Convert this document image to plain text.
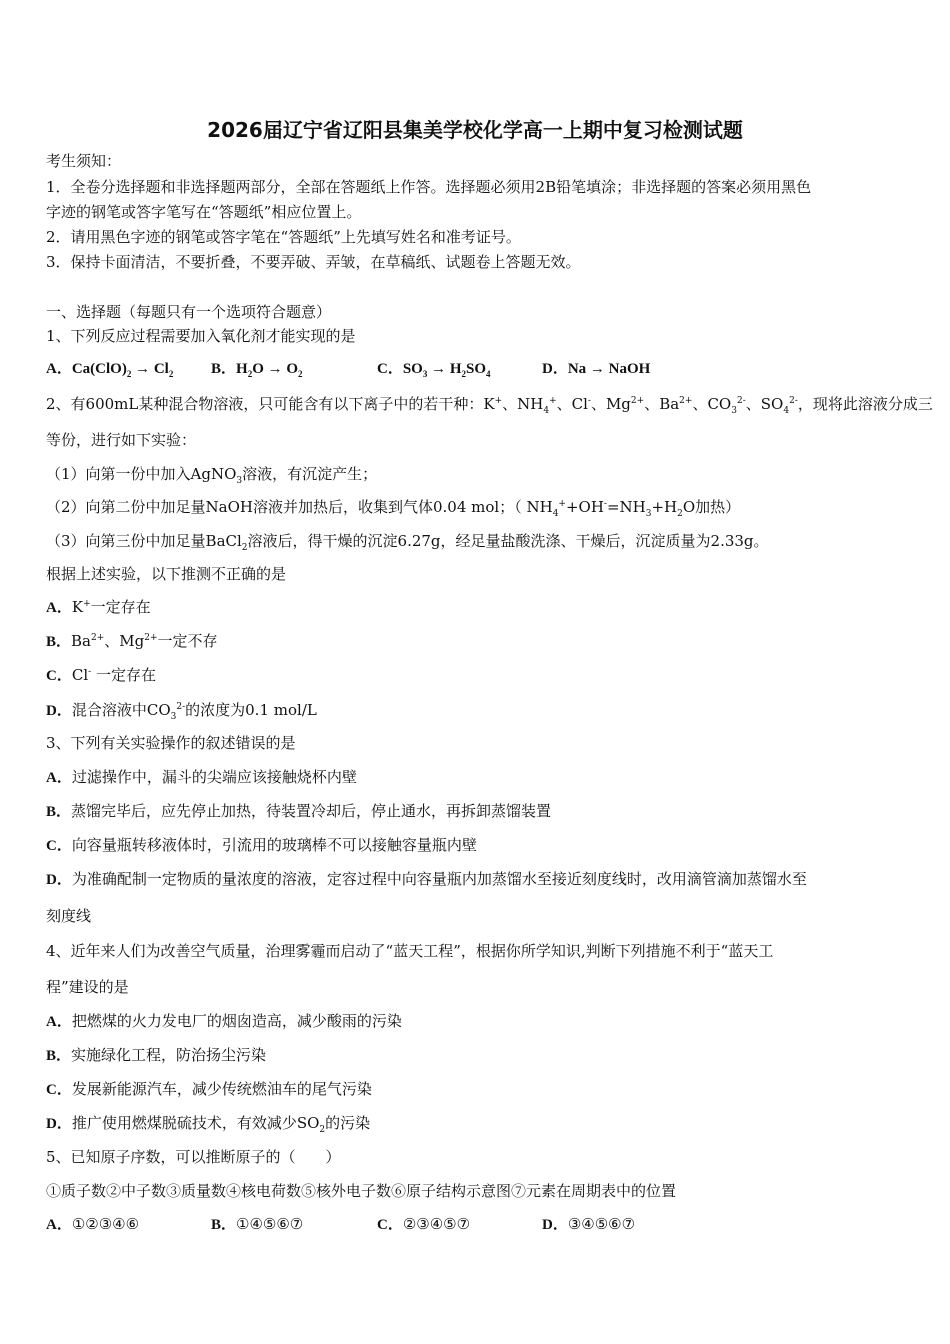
2026届辽宁省辽阳县集美学校化学高一上期中复习检测试题
考生须知：
1．全卷分选择题和非选择题两部分，全部在答题纸上作答。选择题必须用2B铅笔填涂；非选择题的答案必须用黑色
字迹的钢笔或答字笔写在“答题纸”相应位置上。
2．请用黑色字迹的钢笔或答字笔在“答题纸”上先填写姓名和准考证号。
3．保持卡面清洁，不要折叠，不要弄破、弄皱，在草稿纸、试题卷上答题无效。
一、选择题（每题只有一个选项符合题意）
1、下列反应过程需要加入氧化剂才能实现的是
A．$Ca(ClO)_2 \to Cl_2$	B．$H_2O \to O_2$	C．$SO_3 \to H_2SO_4$	D．Na → NaOH
2、有600mL某种混合物溶液，只可能含有以下离子中的若干种：K+、$NH_4^+$、Cl-、$Mg^{2+}$、$Ba^{2+}$、$CO_3^{2-}$、$SO_4^{2-}$，现将此溶液分成三
等份，进行如下实验：
（1）向第一份中加入AgNO$_3$溶液，有沉淀产生；
（2）向第二份中加足量NaOH溶液并加热后，收集到气体0.04 mol；（ $NH_4^++OH^-=NH_3+H_2O$加热）
（3）向第三份中加足量BaCl$_2$溶液后，得干燥的沉淀6.27g，经足量盐酸洗涤、干燥后，沉淀质量为2.33g。
根据上述实验，以下推测不正确的是
A．K+一定存在
B．$Ba^{2+}$、$Mg^{2+}$一定不存
C．Cl- 一定存在
D．混合溶液中$CO_3^{2-}$的浓度为0.1 mol/L
3、下列有关实验操作的叙述错误的是
A．过滤操作中，漏斗的尖端应该接触烧杯内壁
B．蒸馏完毕后，应先停止加热，待装置冷却后，停止通水，再拆卸蒸馏装置
C．向容量瓶转移液体时，引流用的玻璃棒不可以接触容量瓶内壁
D．为准确配制一定物质的量浓度的溶液，定容过程中向容量瓶内加蒸馏水至接近刻度线时，改用滴管滴加蒸馏水至
刻度线
4、近年来人们为改善空气质量，治理雾霾而启动了“蓝天工程”，根据你所学知识,判断下列措施不利于“蓝天工
程”建设的是
A．把燃煤的火力发电厂的烟囱造高，减少酸雨的污染
B．实施绿化工程，防治扬尘污染
C．发展新能源汽车，减少传统燃油车的尾气污染
D．推广使用燃煤脱硫技术，有效减少$SO_2$的污染
5、已知原子序数，可以推断原子的（　　）
①质子数②中子数③质量数④核电荷数⑤核外电子数⑥原子结构示意图⑦元素在周期表中的位置
A．①②③④⑥	B．①④⑤⑥⑦	C．②③④⑤⑦	D．③④⑤⑥⑦
